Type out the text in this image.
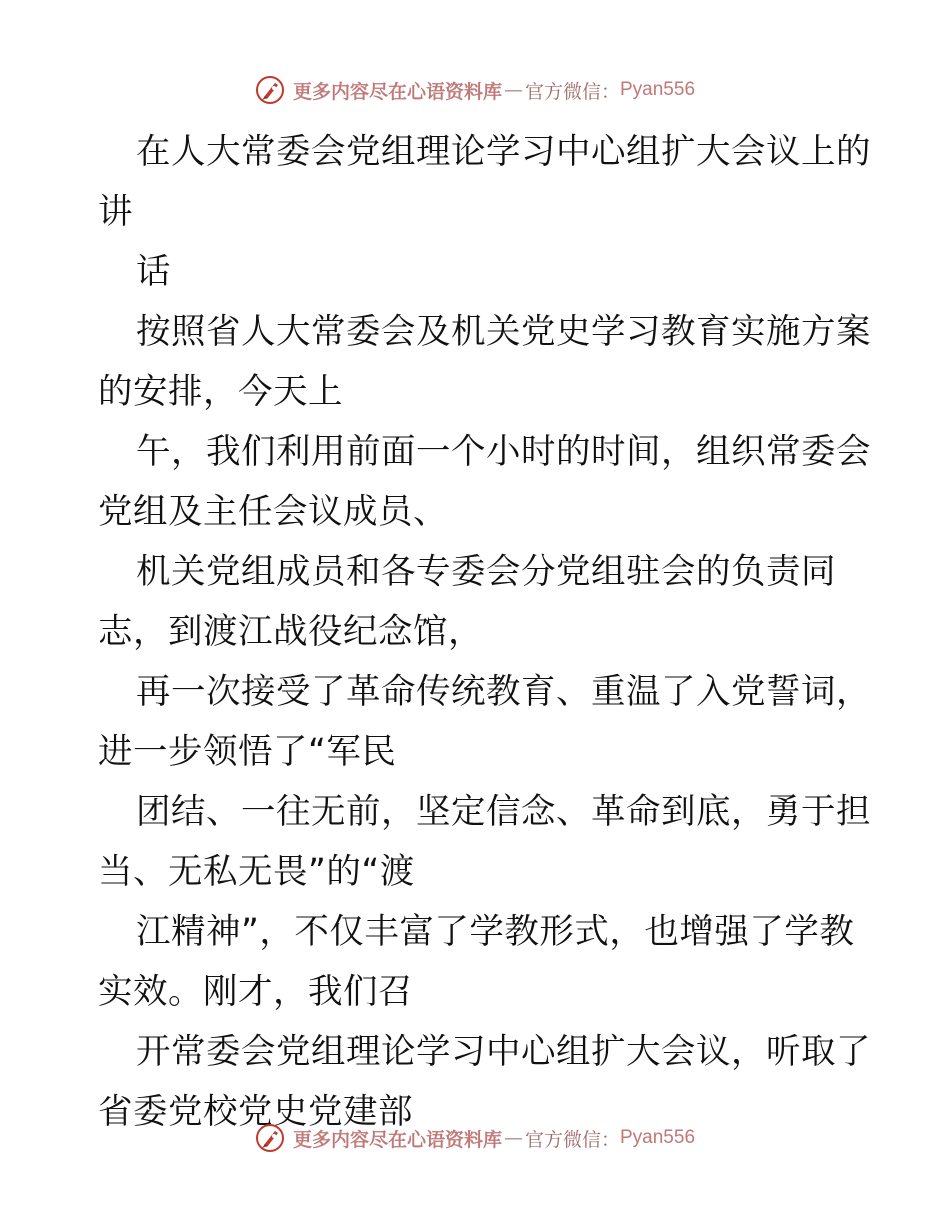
更多内容尽在心语资料库 — 官方微信： Pyan556
在人大常委会党组理论学习中心组扩大会议上的
讲
话
按照省人大常委会及机关党史学习教育实施方案
的安排，今天上
午，我们利用前面一个小时的时间，组织常委会
党组及主任会议成员、
机关党组成员和各专委会分党组驻会的负责同
志，到渡江战役纪念馆，
再一次接受了革命传统教育、重温了入党誓词，
进一步领悟了“军民
团结、一往无前，坚定信念、革命到底，勇于担
当、无私无畏”的“渡
江精神”，不仅丰富了学教形式，也增强了学教
实效。刚才，我们召
开常委会党组理论学习中心组扩大会议，听取了
省委党校党史党建部
更多内容尽在心语资料库 — 官方微信： Pyan556
